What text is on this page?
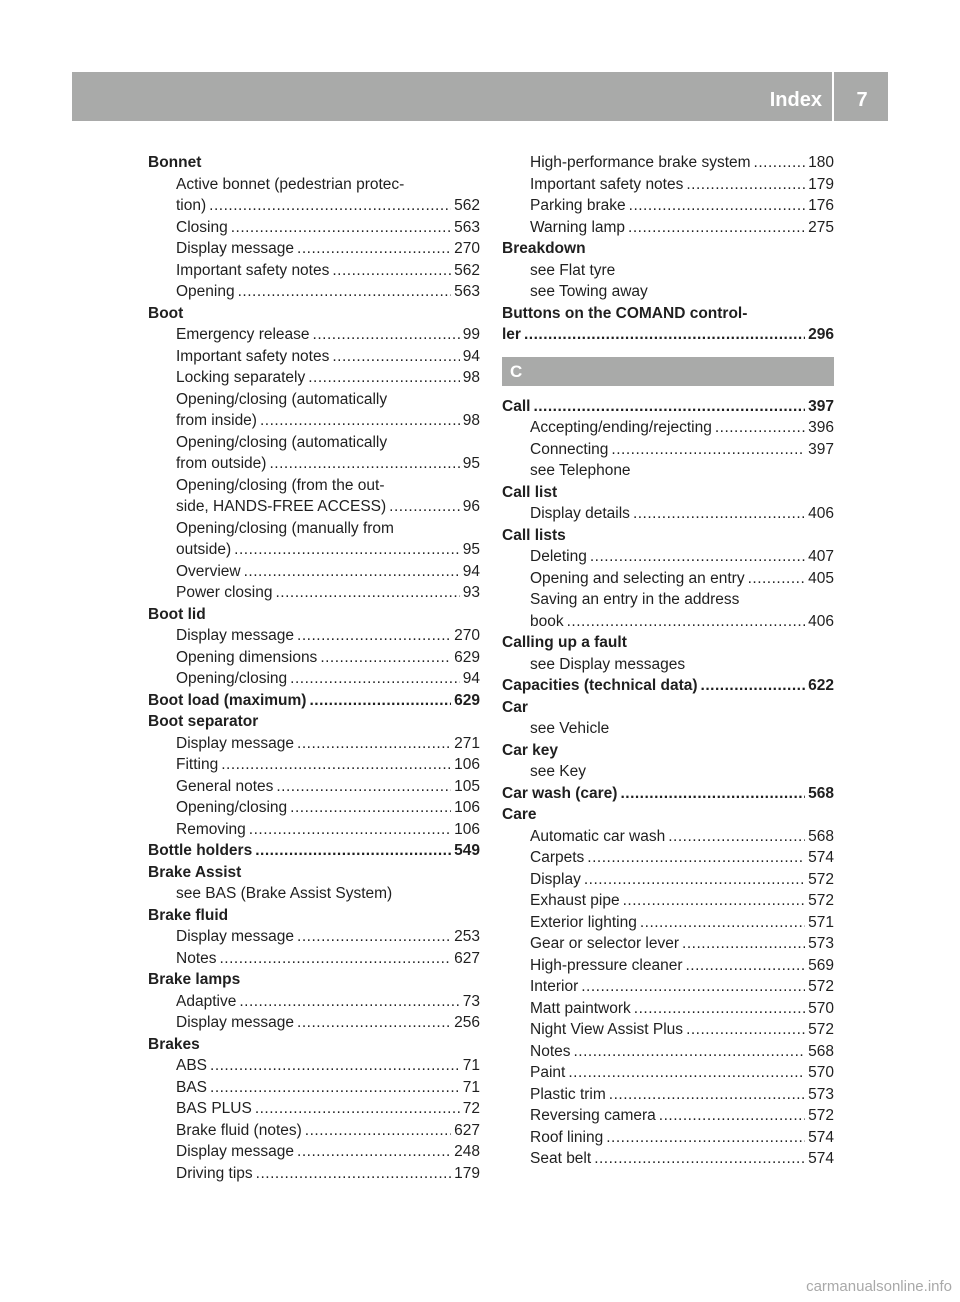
Index 7
Bonnet
Active bonnet (pedestrian protec-
tion) .....	562
Closing .....	563
Display message .....	270
Important safety notes .....	562
Opening .....	563
Boot
Emergency release .....	99
Important safety notes .....	94
Locking separately .....	98
Opening/closing (automatically
from inside) .....	98
Opening/closing (automatically
from outside) .....	95
Opening/closing (from the out-
side, HANDS-FREE ACCESS) .....	96
Opening/closing (manually from
outside) .....	95
Overview .....	94
Power closing .....	93
Boot lid
Display message .....	270
Opening dimensions .....	629
Opening/closing .....	94
Boot load (maximum) .....	629
Boot separator
Display message .....	271
Fitting .....	106
General notes .....	105
Opening/closing .....	106
Removing .....	106
Bottle holders .....	549
Brake Assist
see BAS (Brake Assist System)
Brake fluid
Display message .....	253
Notes .....	627
Brake lamps
Adaptive .....	73
Display message .....	256
Brakes
ABS .....	71
BAS .....	71
BAS PLUS .....	72
Brake fluid (notes) .....	627
Display message .....	248
Driving tips .....	179
High-performance brake system .....	180
Important safety notes .....	179
Parking brake .....	176
Warning lamp .....	275
Breakdown
see Flat tyre
see Towing away
Buttons on the COMAND control-
ler .....	296
C
Call .....	397
Accepting/ending/rejecting .....	396
Connecting .....	397
see Telephone
Call list
Display details .....	406
Call lists
Deleting .....	407
Opening and selecting an entry .....	405
Saving an entry in the address
book .....	406
Calling up a fault
see Display messages
Capacities (technical data) .....	622
Car
see Vehicle
Car key
see Key
Car wash (care) .....	568
Care
Automatic car wash .....	568
Carpets .....	574
Display .....	572
Exhaust pipe .....	572
Exterior lighting .....	571
Gear or selector lever .....	573
High-pressure cleaner .....	569
Interior .....	572
Matt paintwork .....	570
Night View Assist Plus .....	572
Notes .....	568
Paint .....	570
Plastic trim .....	573
Reversing camera .....	572
Roof lining .....	574
Seat belt .....	574
carmanualsonline.info
